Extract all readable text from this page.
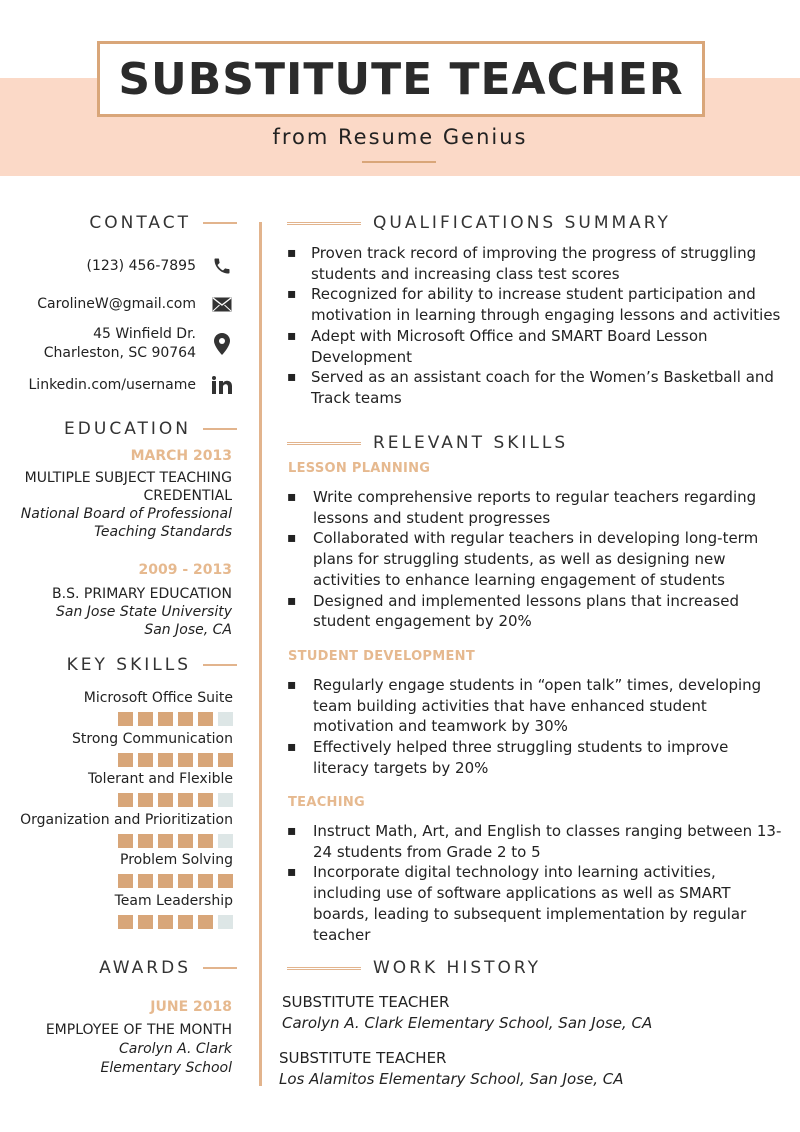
SUBSTITUTE TEACHER
from Resume Genius
CONTACT
(123) 456-7895
CarolineW@gmail.com
45 Winfield Dr.
Charleston, SC 90764
Linkedin.com/username
EDUCATION
MARCH 2013
MULTIPLE SUBJECT TEACHING
CREDENTIAL
National Board of Professional
Teaching Standards
2009 - 2013
B.S. PRIMARY EDUCATION
San Jose State University
San Jose, CA
KEY SKILLS
Microsoft Office Suite
Strong Communication
Tolerant and Flexible
Organization and Prioritization
Problem Solving
Team Leadership
AWARDS
JUNE 2018
EMPLOYEE OF THE MONTH
Carolyn A. Clark
Elementary School
QUALIFICATIONS SUMMARY
▪ Proven track record of improving the progress of struggling students and increasing class test scores
▪ Recognized for ability to increase student participation and motivation in learning through engaging lessons and activities
▪ Adept with Microsoft Office and SMART Board Lesson Development
▪ Served as an assistant coach for the Women’s Basketball and Track teams
RELEVANT SKILLS
LESSON PLANNING
▪ Write comprehensive reports to regular teachers regarding lessons and student progresses
▪ Collaborated with regular teachers in developing long-term plans for struggling students, as well as designing new activities to enhance learning engagement of students
▪ Designed and implemented lessons plans that increased student engagement by 20%
STUDENT DEVELOPMENT
▪ Regularly engage students in “open talk” times, developing team building activities that have enhanced student motivation and teamwork by 30%
▪ Effectively helped three struggling students to improve literacy targets by 20%
TEACHING
▪ Instruct Math, Art, and English to classes ranging between 13-24 students from Grade 2 to 5
▪ Incorporate digital technology into learning activities, including use of software applications as well as SMART boards, leading to subsequent implementation by regular teacher
WORK HISTORY
SUBSTITUTE TEACHER
Carolyn A. Clark Elementary School, San Jose, CA
SUBSTITUTE TEACHER
Los Alamitos Elementary School, San Jose, CA
